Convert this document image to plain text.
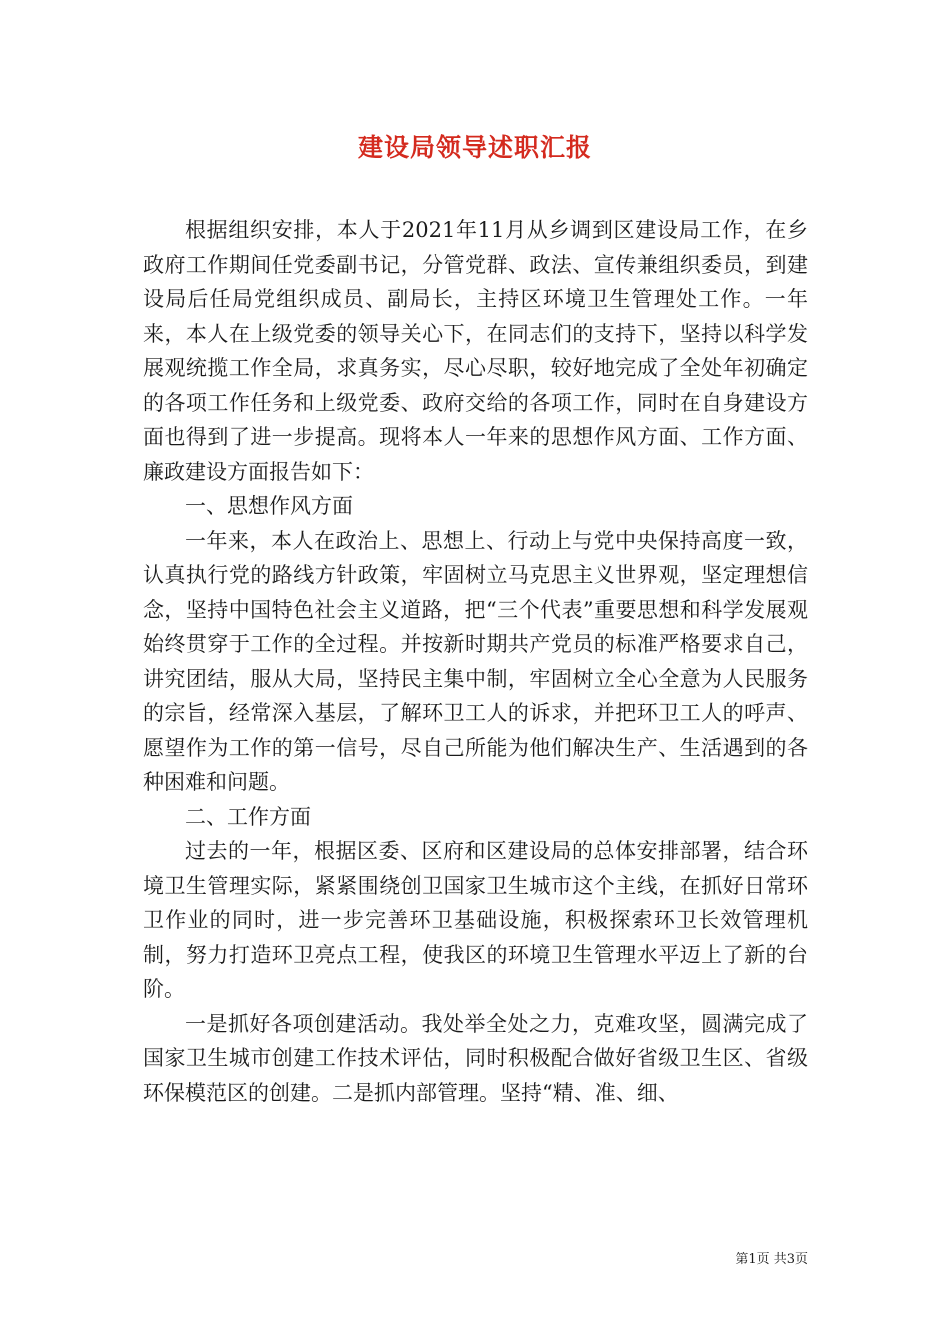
建设局领导述职汇报

根据组织安排，本人于2021年11月从乡调到区建设局工作，在乡政府工作期间任党委副书记，分管党群、政法、宣传兼组织委员，到建设局后任局党组织成员、副局长，主持区环境卫生管理处工作。一年来，本人在上级党委的领导关心下，在同志们的支持下，坚持以科学发展观统揽工作全局，求真务实，尽心尽职，较好地完成了全处年初确定的各项工作任务和上级党委、政府交给的各项工作，同时在自身建设方面也得到了进一步提高。现将本人一年来的思想作风方面、工作方面、廉政建设方面报告如下：

一、思想作风方面

一年来，本人在政治上、思想上、行动上与党中央保持高度一致，认真执行党的路线方针政策，牢固树立马克思主义世界观，坚定理想信念，坚持中国特色社会主义道路，把“三个代表”重要思想和科学发展观始终贯穿于工作的全过程。并按新时期共产党员的标准严格要求自己，讲究团结，服从大局，坚持民主集中制，牢固树立全心全意为人民服务的宗旨，经常深入基层，了解环卫工人的诉求，并把环卫工人的呼声、愿望作为工作的第一信号，尽自己所能为他们解决生产、生活遇到的各种困难和问题。

二、工作方面

过去的一年，根据区委、区府和区建设局的总体安排部署，结合环境卫生管理实际，紧紧围绕创卫国家卫生城市这个主线，在抓好日常环卫作业的同时，进一步完善环卫基础设施，积极探索环卫长效管理机制，努力打造环卫亮点工程，使我区的环境卫生管理水平迈上了新的台阶。

一是抓好各项创建活动。我处举全处之力，克难攻坚，圆满完成了国家卫生城市创建工作技术评估，同时积极配合做好省级卫生区、省级环保模范区的创建。二是抓内部管理。坚持“精、准、细、

第1页 共3页
